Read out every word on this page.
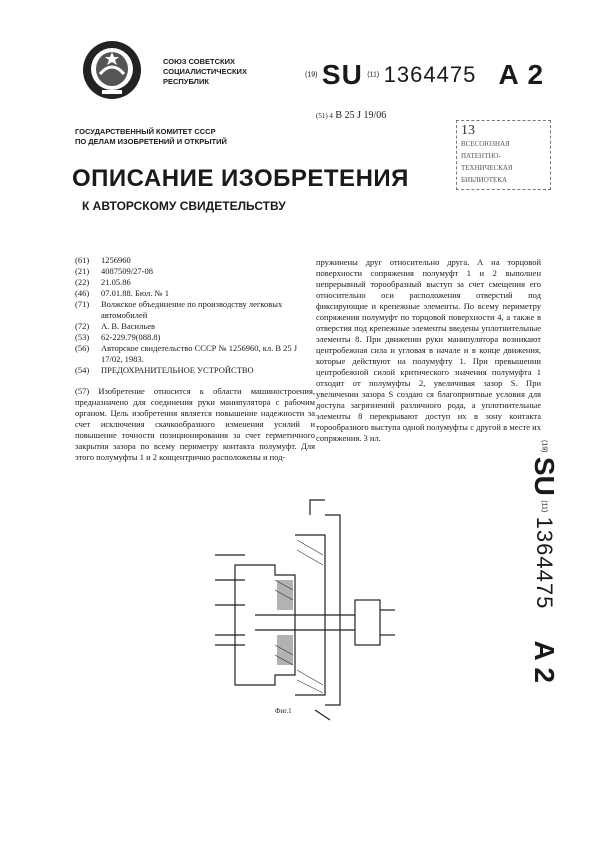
СОЮЗ СОВЕТСКИХ
СОЦИАЛИСТИЧЕСКИХ
РЕСПУБЛИК
(19) SU (11) 1364475 A 2
(51) 4 B 25 J 19/06
13
ВСЕСОЮЗНАЯ
ПАТЕНТНО-
ТЕХНИЧЕСКАЯ
БИБЛИОТЕКА
ГОСУДАРСТВЕННЫЙ КОМИТЕТ СССР
ПО ДЕЛАМ ИЗОБРЕТЕНИЙ И ОТКРЫТИЙ
ОПИСАНИЕ ИЗОБРЕТЕНИЯ
К АВТОРСКОМУ СВИДЕТЕЛЬСТВУ
(61)	1256960
(21)	4087509/27-08
(22)	21.05.86
(46)	07.01.88. Бюл. № 1
(71)	Волжское объединение по производству легковых автомобилей
(72)	А. В. Васильев
(53)	62-229.79(088.8)
(56)	Авторское свидетельство СССР № 1256960, кл. B 25 J 17/02, 1983.
(54)	ПРЕДОХРАНИТЕЛЬНОЕ УСТРОЙСТВО
(57) Изобретение относится к области машиностроения, предназначено для соединения руки манипулятора с рабочим органом. Цель изобретения является повышение надежности за счет исключения скачкообразного изменения усилий и повышение точности позиционирования за счет герметичного закрытия зазора по всему периметру контакта полумуфт. Для этого полумуфты 1 и 2 концентрично расположены и под-
пружинены друг относительно друга. А на торцовой поверхности сопряжения полумуфт 1 и 2 выполнен непрерывный торообразный выступ за счет смещения его относительно оси расположения отверстий под фиксирующие и крепежные элементы. По всему периметру сопряжения полумуфт по торцовой поверхности 4, а также в отверстия под крепежные элементы введены уплотнительные элементы 8. При движении руки манипулятора возникают центробежная сила и угловая в начале и в конце движения, которые действуют на полумуфту 1. При превышении центробежной силой критического значения полумуфта 1 отходит от полумуфты 2, увеличивая зазор S. При увеличении зазора S создаю ся благоприятные условия для доступа загрязнений различного рода, а уплотнительные элементы 8 перекрывают доступ их в зону контакта торообразного выступа одной полумуфты с другой в месте их сопряжения. 3 ил.
(19) SU (11) 1364475       A 2
Фиг.1
